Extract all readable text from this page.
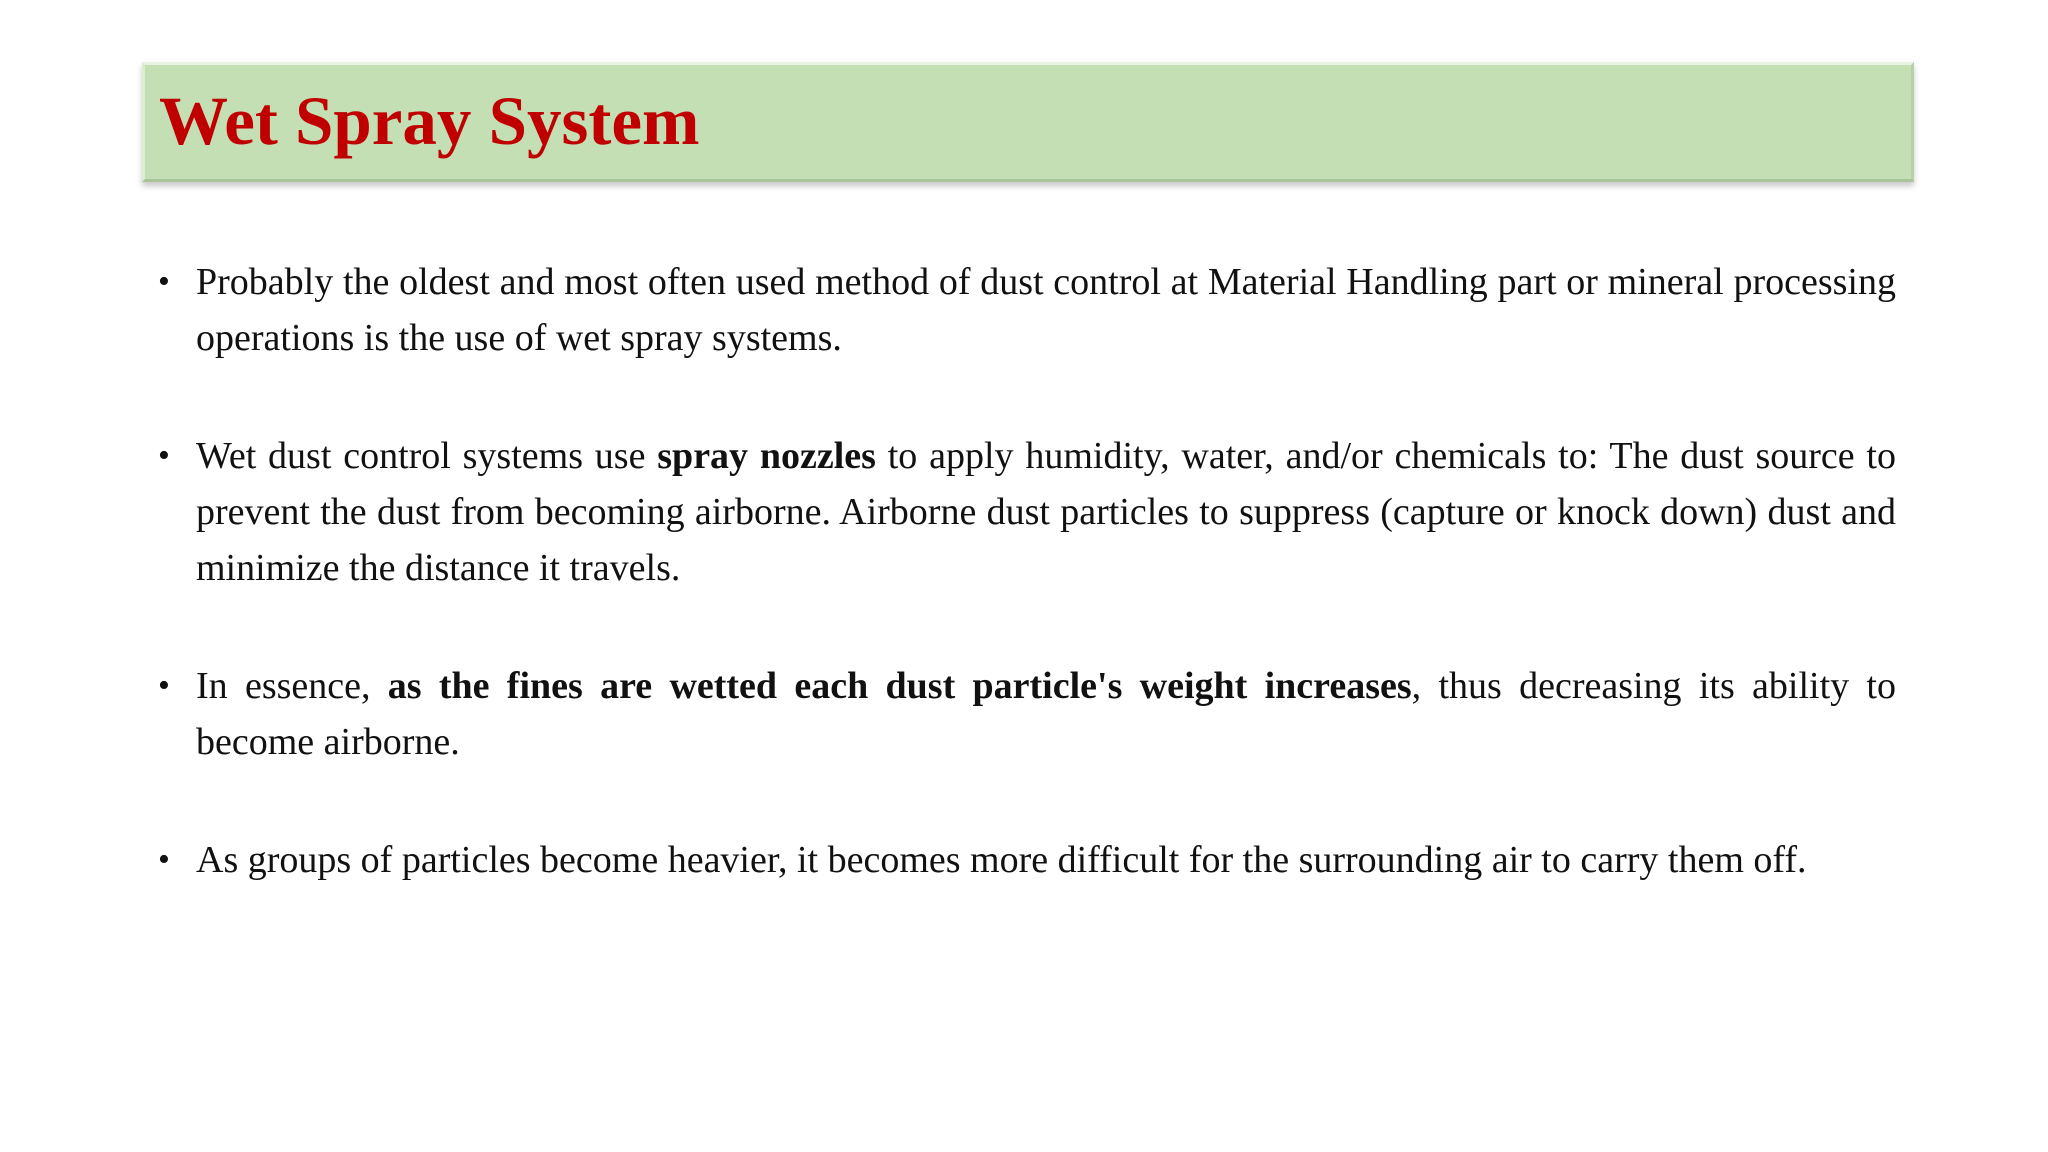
Wet Spray System
• Probably the oldest and most often used method of dust control at Material Handling part or mineral processing operations is the use of wet spray systems.
• Wet dust control systems use spray nozzles to apply humidity, water, and/or chemicals to: The dust source to prevent the dust from becoming airborne. Airborne dust particles to suppress (capture or knock down) dust and minimize the distance it travels.
• In essence, as the fines are wetted each dust particle's weight increases, thus decreasing its ability to become airborne.
• As groups of particles become heavier, it becomes more difficult for the surrounding air to carry them off.
